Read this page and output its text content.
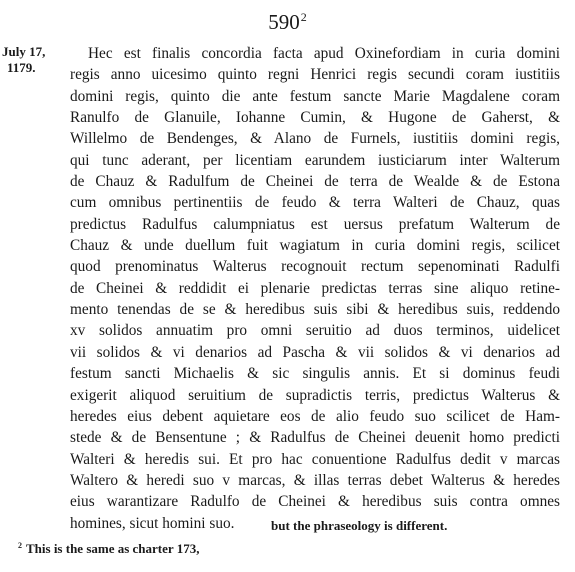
$590^2$
July 17,
1179.
Hec est finalis concordia facta apud Oxinefordiam in curia domini
regis anno uicesimo quinto regni Henrici regis secundi coram iustitiis
domini regis, quinto die ante festum sancte Marie Magdalene coram
Ranulfo de Glanuile, Iohanne Cumin, & Hugone de Gaherst, &
Willelmo de Bendenges, & Alano de Furnels, iustitiis domini regis,
qui tunc aderant, per licentiam earundem iusticiarum inter Walterum
de Chauz & Radulfum de Cheinei de terra de Wealde & de Estona
cum omnibus pertinentiis de feudo & terra Walteri de Chauz, quas
predictus Radulfus calumpniatus est uersus prefatum Walterum de
Chauz & unde duellum fuit wagiatum in curia domini regis, scilicet
quod prenominatus Walterus recognouit rectum sepenominati Radulfi
de Cheinei & reddidit ei plenarie predictas terras sine aliquo retine-
mento tenendas de se & heredibus suis sibi & heredibus suis, reddendo
xv solidos annuatim pro omni seruitio ad duos terminos, uidelicet
vii solidos & vi denarios ad Pascha & vii solidos & vi denarios ad
festum sancti Michaelis & sic singulis annis. Et si dominus feudi
exigerit aliquod seruitium de supradictis terris, predictus Walterus &
heredes eius debent aquietare eos de alio feudo suo scilicet de Ham-
stede & de Bensentune ; & Radulfus de Cheinei deuenit homo predicti
Walteri & heredis sui. Et pro hac conuentione Radulfus dedit v marcas
Waltero & heredi suo v marcas, & illas terras debet Walterus & heredes
eius warantizare Radulfo de Cheinei & heredibus suis contra omnes
homines, sicut homini suo.	but the phraseology is different.
$^2$ This is the same as charter 173,
